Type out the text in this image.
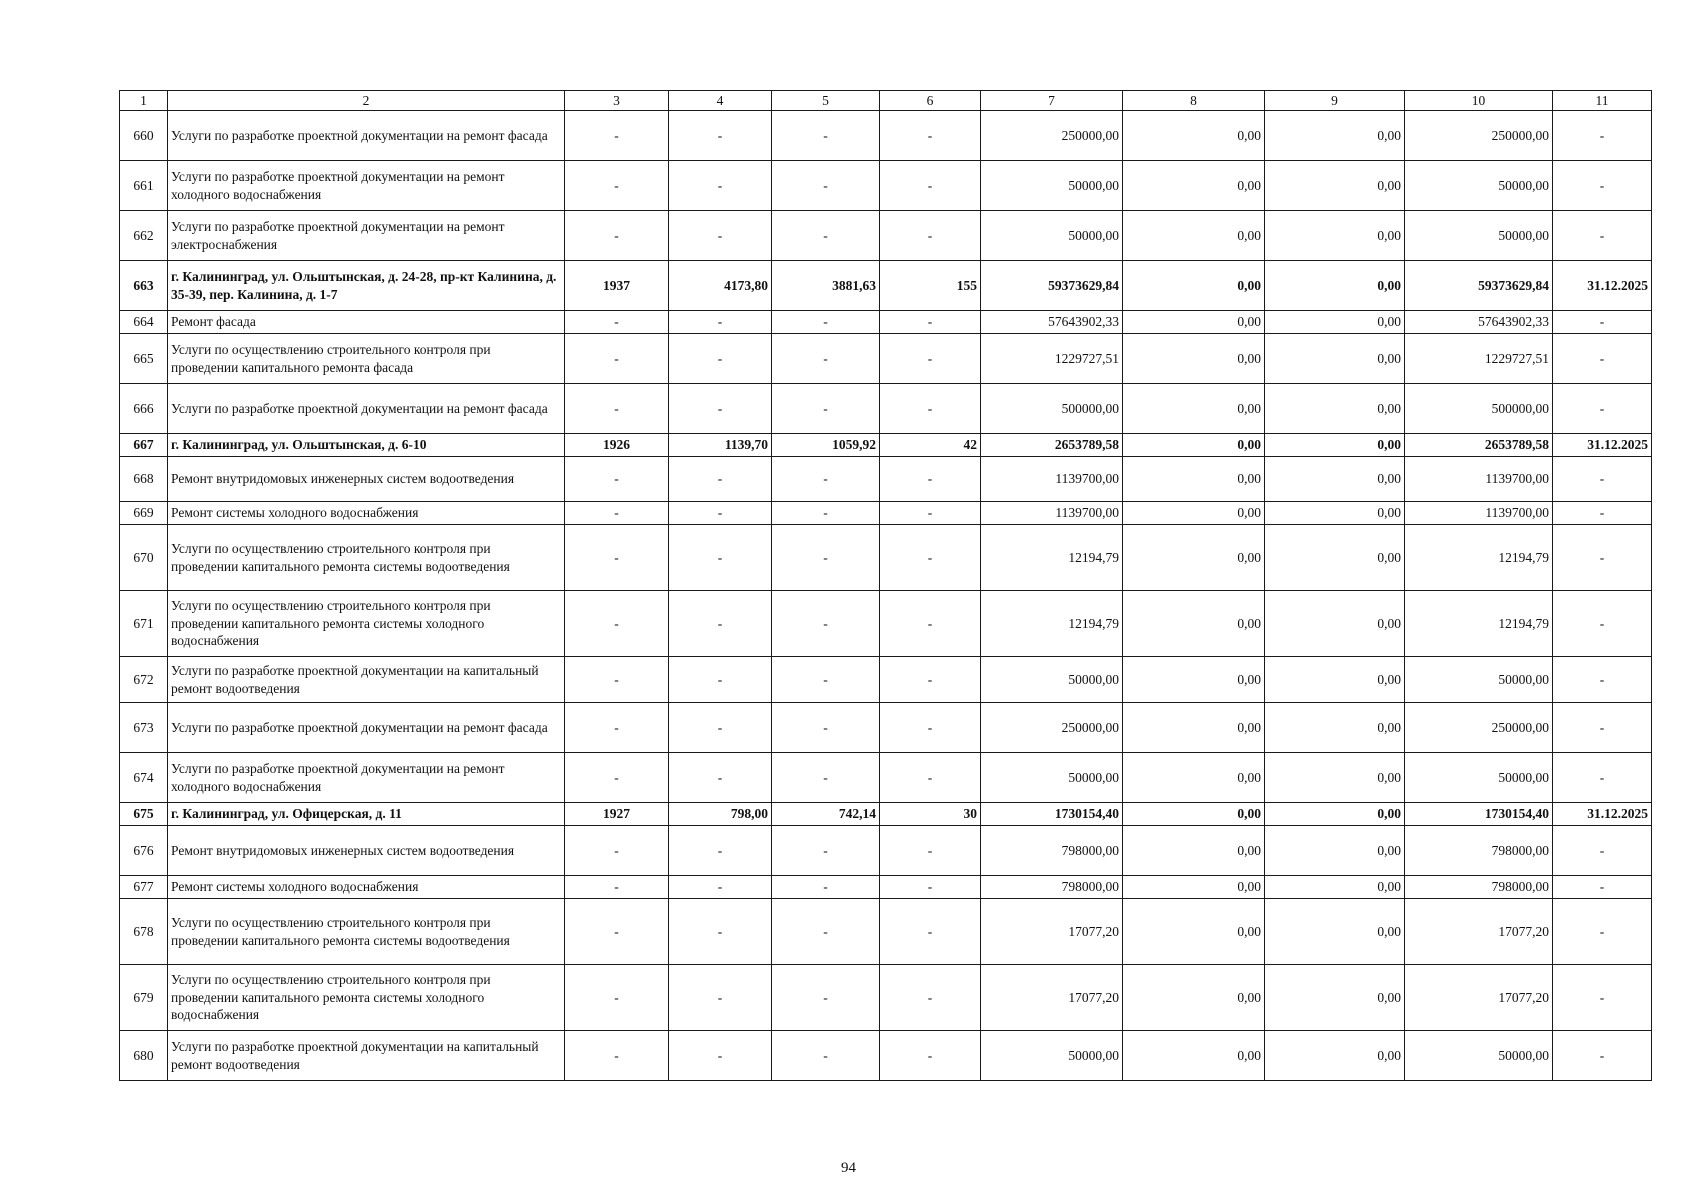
1	2	3	4	5	6	7	8	9	10	11
660	Услуги по разработке проектной документации на ремонт фасада	-	-	-	-	250000,00	0,00	0,00	250000,00	-
661	Услуги по разработке проектной документации на ремонт холодного водоснабжения	-	-	-	-	50000,00	0,00	0,00	50000,00	-
662	Услуги по разработке проектной документации на ремонт электроснабжения	-	-	-	-	50000,00	0,00	0,00	50000,00	-
663	г. Калининград, ул. Ольштынская, д. 24-28, пр-кт Калинина, д. 35-39, пер. Калинина, д. 1-7	1937	4173,80	3881,63	155	59373629,84	0,00	0,00	59373629,84	31.12.2025
664	Ремонт фасада	-	-	-	-	57643902,33	0,00	0,00	57643902,33	-
665	Услуги по осуществлению строительного контроля при проведении капитального ремонта фасада	-	-	-	-	1229727,51	0,00	0,00	1229727,51	-
666	Услуги по разработке проектной документации на ремонт фасада	-	-	-	-	500000,00	0,00	0,00	500000,00	-
667	г. Калининград, ул. Ольштынская, д. 6-10	1926	1139,70	1059,92	42	2653789,58	0,00	0,00	2653789,58	31.12.2025
668	Ремонт внутридомовых инженерных систем водоотведения	-	-	-	-	1139700,00	0,00	0,00	1139700,00	-
669	Ремонт системы холодного водоснабжения	-	-	-	-	1139700,00	0,00	0,00	1139700,00	-
670	Услуги по осуществлению строительного контроля при проведении капитального ремонта системы водоотведения	-	-	-	-	12194,79	0,00	0,00	12194,79	-
671	Услуги по осуществлению строительного контроля при проведении капитального ремонта системы холодного водоснабжения	-	-	-	-	12194,79	0,00	0,00	12194,79	-
672	Услуги по разработке проектной документации на капитальный ремонт водоотведения	-	-	-	-	50000,00	0,00	0,00	50000,00	-
673	Услуги по разработке проектной документации на ремонт фасада	-	-	-	-	250000,00	0,00	0,00	250000,00	-
674	Услуги по разработке проектной документации на ремонт холодного водоснабжения	-	-	-	-	50000,00	0,00	0,00	50000,00	-
675	г. Калининград, ул. Офицерская, д. 11	1927	798,00	742,14	30	1730154,40	0,00	0,00	1730154,40	31.12.2025
676	Ремонт внутридомовых инженерных систем водоотведения	-	-	-	-	798000,00	0,00	0,00	798000,00	-
677	Ремонт системы холодного водоснабжения	-	-	-	-	798000,00	0,00	0,00	798000,00	-
678	Услуги по осуществлению строительного контроля при проведении капитального ремонта системы водоотведения	-	-	-	-	17077,20	0,00	0,00	17077,20	-
679	Услуги по осуществлению строительного контроля при проведении капитального ремонта системы холодного водоснабжения	-	-	-	-	17077,20	0,00	0,00	17077,20	-
680	Услуги по разработке проектной документации на капитальный ремонт водоотведения	-	-	-	-	50000,00	0,00	0,00	50000,00	-
94
